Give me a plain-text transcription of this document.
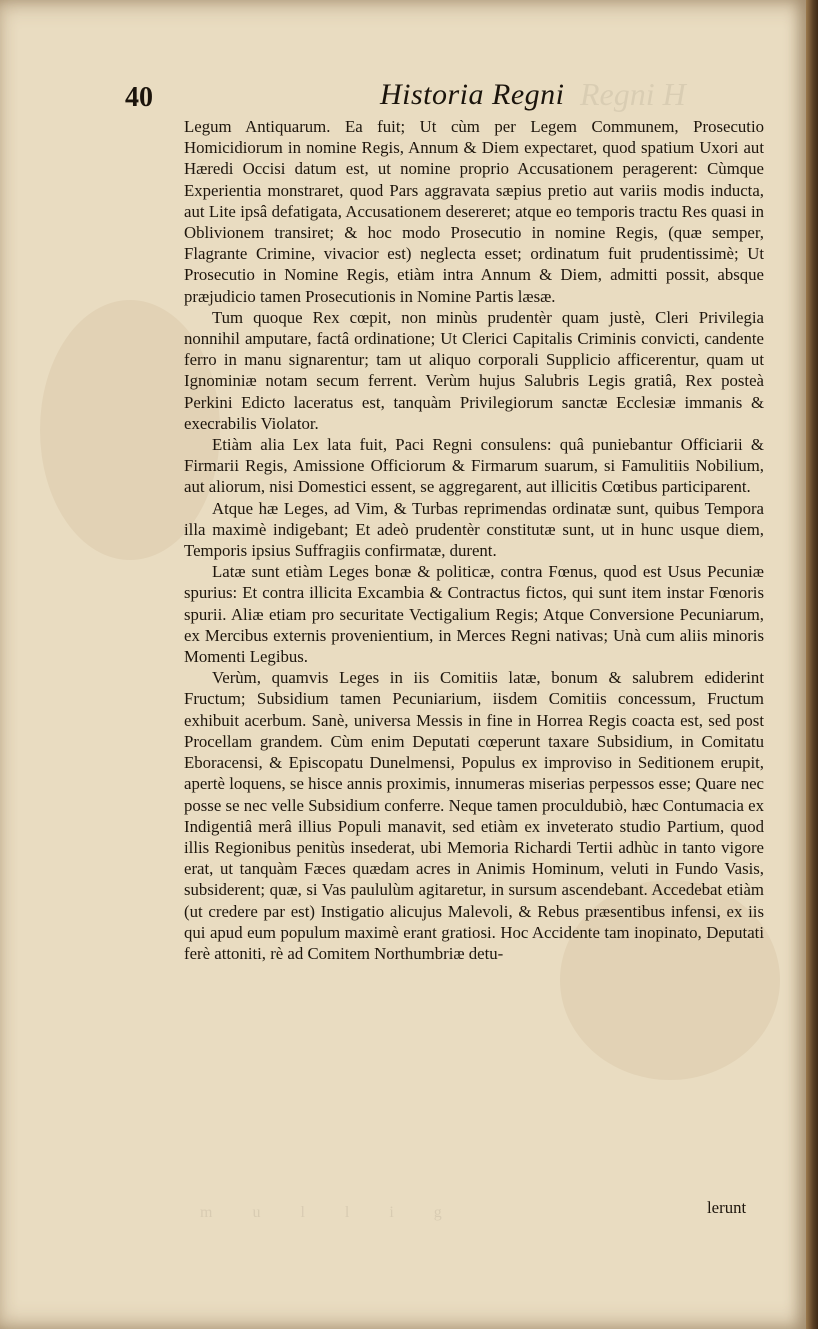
40	Historia Regni Regni H

Legum Antiquarum. Ea fuit; Ut cùm per Legem Communem, Prosecutio Homicidiorum in nomine Regis, Annum & Diem expectaret, quod spatium Uxori aut Hæredi Occisi datum est, ut nomine proprio Accusationem peragerent: Cùmque Experientia monstraret, quod Pars aggravata sæpius pretio aut variis modis inducta, aut Lite ipsâ defatigata, Accusationem desereret; atque eo temporis tractu Res quasi in Oblivionem transiret; & hoc modo Prosecutio in nomine Regis, (quæ semper, Flagrante Crimine, vivacior est) neglecta esset; ordinatum fuit prudentissimè; Ut Prosecutio in Nomine Regis, etiàm intra Annum & Diem, admitti possit, absque præjudicio tamen Prosecutionis in Nomine Partis læsæ.

Tum quoque Rex cœpit, non minùs prudentèr quam justè, Cleri Privilegia nonnihil amputare, factâ ordinatione; Ut Clerici Capitalis Criminis convicti, candente ferro in manu signarentur; tam ut aliquo corporali Supplicio afficerentur, quam ut Ignominiæ notam secum ferrent. Verùm hujus Salubris Legis gratiâ, Rex posteà Perkini Edicto laceratus est, tanquàm Privilegiorum sanctæ Ecclesiæ immanis & execrabilis Violator.

Etiàm alia Lex lata fuit, Paci Regni consulens: quâ puniebantur Officiarii & Firmarii Regis, Amissione Officiorum & Firmarum suarum, si Famulitiis Nobilium, aut aliorum, nisi Domestici essent, se aggregarent, aut illicitis Cœtibus participarent.

Atque hæ Leges, ad Vim, & Turbas reprimendas ordinatæ sunt, quibus Tempora illa maximè indigebant; Et adeò prudentèr constitutæ sunt, ut in hunc usque diem, Temporis ipsius Suffragiis confirmatæ, durent.

Latæ sunt etiàm Leges bonæ & politicæ, contra Fœnus, quod est Usus Pecuniæ spurius: Et contra illicita Excambia & Contractus fictos, qui sunt item instar Fœnoris spurii. Aliæ etiam pro securitate Vectigalium Regis; Atque Conversione Pecuniarum, ex Mercibus externis provenientium, in Merces Regni nativas; Unà cum aliis minoris Momenti Legibus.

Verùm, quamvis Leges in iis Comitiis latæ, bonum & salubrem ediderint Fructum; Subsidium tamen Pecuniarium, iisdem Comitiis concessum, Fructum exhibuit acerbum. Sanè, universa Messis in fine in Horrea Regis coacta est, sed post Procellam grandem. Cùm enim Deputati cœperunt taxare Subsidium, in Comitatu Eboracensi, & Episcopatu Dunelmensi, Populus ex improviso in Seditionem erupit, apertè loquens, se hisce annis proximis, innumeras miserias perpessos esse; Quare nec posse se nec velle Subsidium conferre. Neque tamen proculdubiò, hæc Contumacia ex Indigentiâ merâ illius Populi manavit, sed etiàm ex inveterato studio Partium, quod illis Regionibus penitùs insederat, ubi Memoria Richardi Tertii adhùc in tanto vigore erat, ut tanquàm Fæces quædam acres in Animis Hominum, veluti in Fundo Vasis, subsiderent; quæ, si Vas paululùm agitaretur, in sursum ascendebant. Accedebat etiàm (ut credere par est) Instigatio alicujus Malevoli, & Rebus præsentibus infensi, ex iis qui apud eum populum maximè erant gratiosi. Hoc Accidente tam inopinato, Deputati ferè attoniti, rè ad Comitem Northumbriæ detu-

m u l l i g	lerunt
